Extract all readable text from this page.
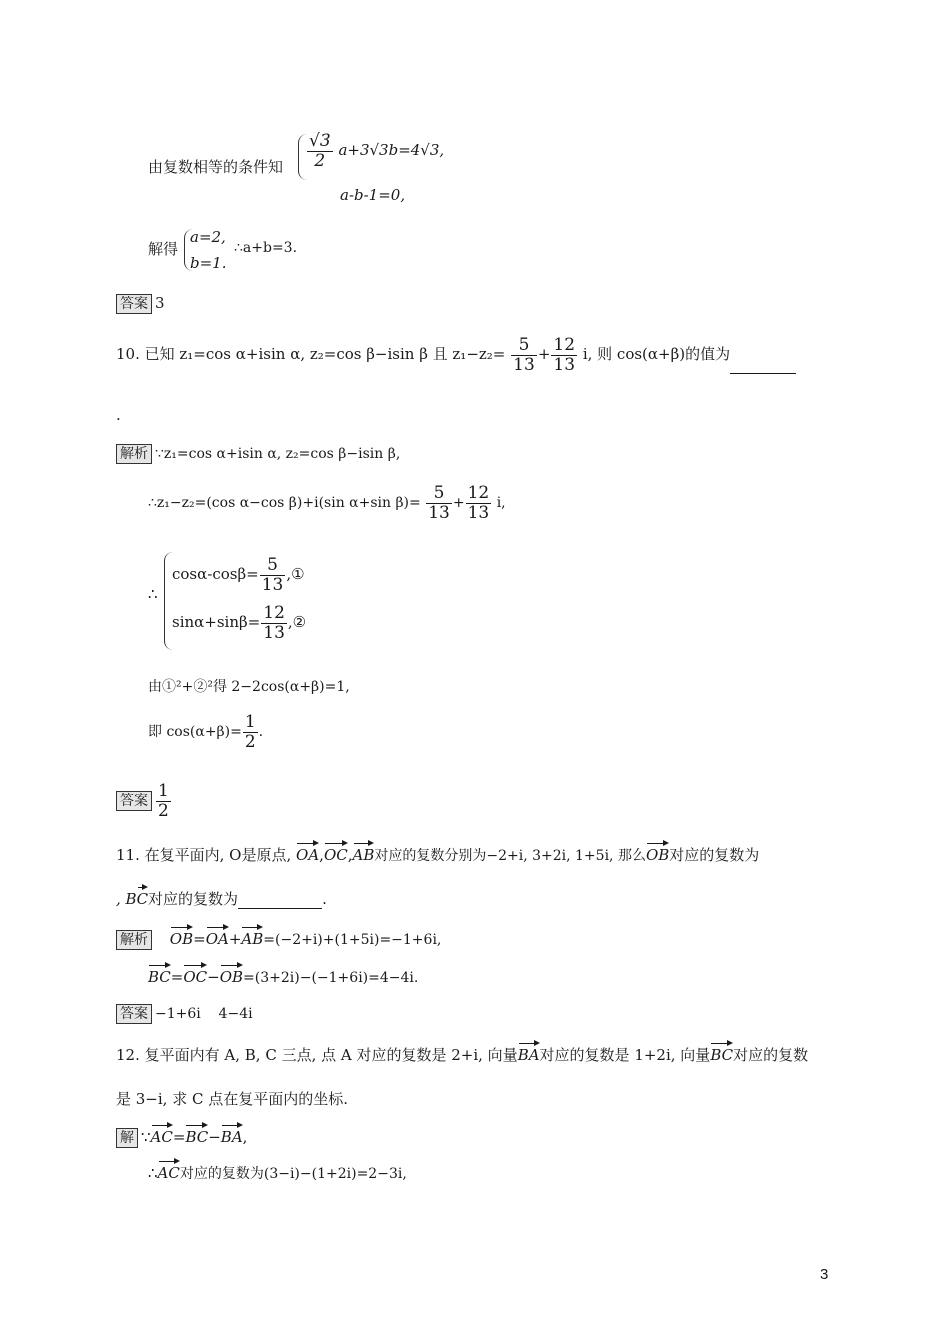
由复数相等的条件知 $\frac{√3}{2} a+3√3b=4√3$,
a-b-1=0,
解得
a=2,
b=1.
∴a+b=3.
答案 3
10. 已知 z₁=cos α+isin α, z₂=cos β−isin β 且 $z_1-z_2= \frac{5}{13} + \frac{12}{13} i$, 则 cos(α+β)的值为
.
解析 ∵z₁=cos α+isin α, z₂=cos β−isin β,
∴z₁−z₂=(cos α−cos β)+i(sin α+sin $\beta)= \frac{5}{13} + \frac{12}{13} i$,
∴
$\cos\alpha-\cos\beta= \frac{5}{13}$ ,①
$\sin\alpha+\sin\beta= \frac{12}{13}$ ,②
由①²+②²得 2−2cos(α+β)=1,
即 $\cos(\alpha+\beta)= \frac{1}{2}$ .
答案 $\frac{1}{2}$
11. 在复平面内, O是原点, OA,OC,AB对应的复数分别为−2+i, 3+2i, 1+5i, 那么OB对应的复数为
, BC对应的复数为	.
解析 OB=OA+AB=(−2+i)+(1+5i)=−1+6i,
BC=OC−OB=(3+2i)−(−1+6i)=4−4i.
答案 −1+6i    4−4i
12. 复平面内有 A, B, C 三点, 点 A 对应的复数是 2+i, 向量BA对应的复数是 1+2i, 向量BC对应的复数
是 3−i, 求 C 点在复平面内的坐标.
解 ∵AC=BC−BA,
∴AC对应的复数为(3−i)−(1+2i)=2−3i,
3
